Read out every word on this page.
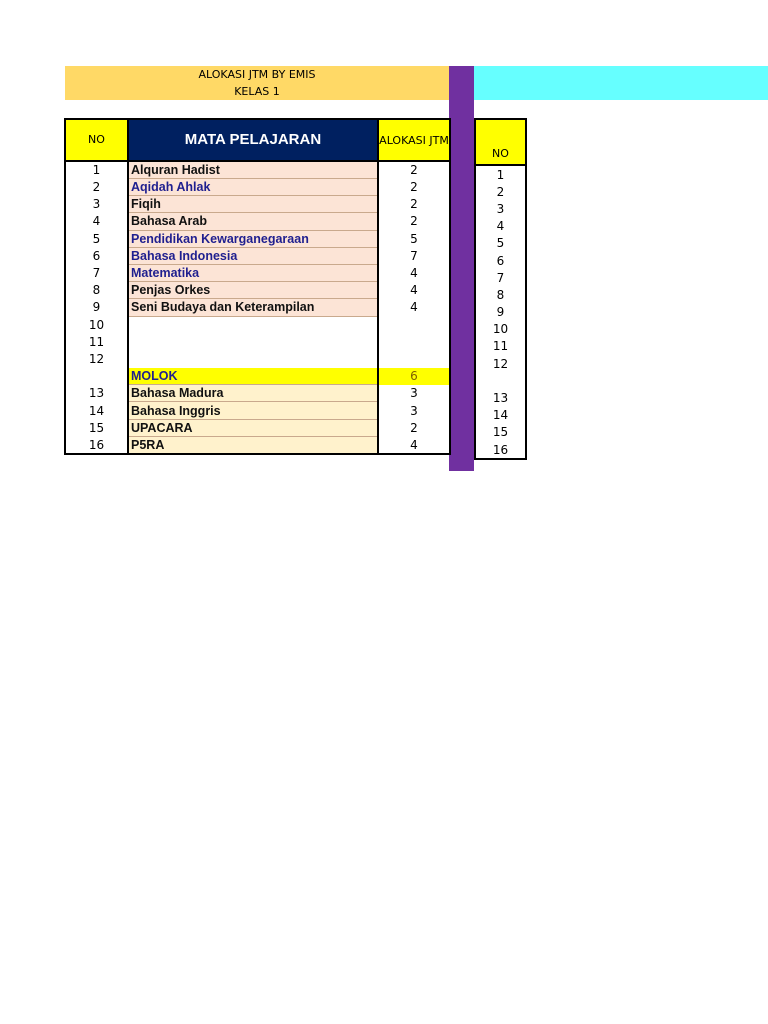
ALOKASI JTM BY EMIS
KELAS 1
NO	MATA PELAJARAN	ALOKASI JTM
1	Alquran Hadist	2
2	Aqidah Ahlak	2
3	Fiqih	2
4	Bahasa Arab	2
5	Pendidikan Kewarganegaraan	5
6	Bahasa Indonesia	7
7	Matematika	4
8	Penjas Orkes	4
9	Seni Budaya dan Keterampilan	4
10		
11		
12		
	MOLOK	6
13	Bahasa Madura	3
14	Bahasa Inggris	3
15	UPACARA	2
16	P5RA	4
NO
1
2
3
4
5
6
7
8
9
10
11
12

13
14
15
16
